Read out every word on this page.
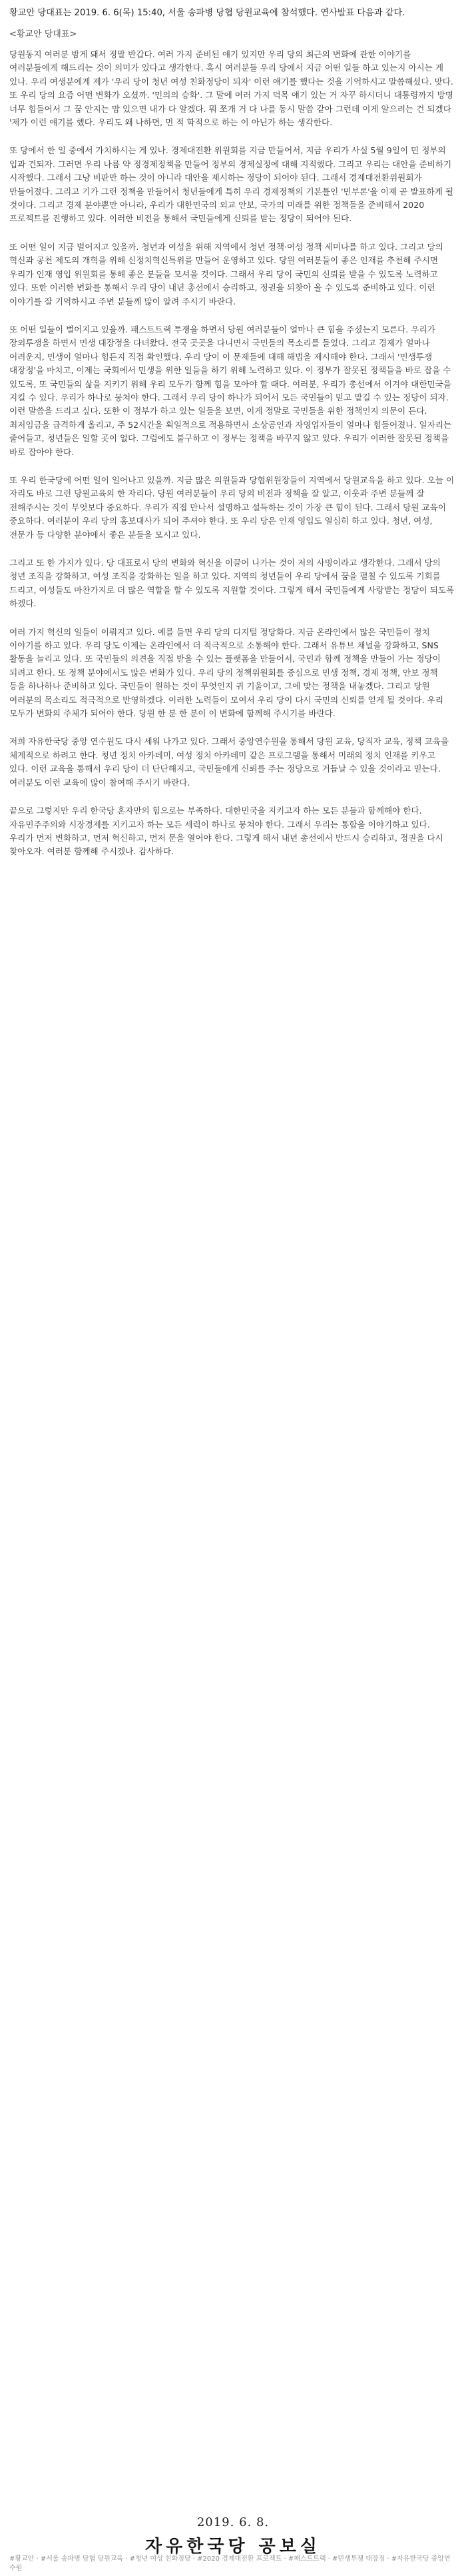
황교안 당대표는 2019. 6. 6(목) 15:40, 서울 송파병 당협 당원교육에 참석했다. 연사발표 다음과 같다.
<황교안 당대표>

당원동지 여러분 밤게 돼서 정말 반갑다. 여러 가지 준비된 얘기 있지만 우리 당의 최근의 변화에 관한 이야기를 여러분들에게 해드리는 것이 의미가 있다고 생각한다. 혹시 여러분들 우리 당에서 지금 어떤 일들 하고 있는지 아시는 게 있나. 우리 여생분에게 제가 '우리 당이 청년 여성 친화정당이 되자' 이런 얘기를 했다는 것을 기억하시고 말씀해셨다. 맞다. 또 우리 당의 요즘 어떤 변화가 오셨까. '민의의 승화'. 그 말에 여러 가지 덕목 얘기 있는 거 자꾸 하시더니 대통령까지 방명 너무 힘들어서 그 꿈 안지는 맘 있으면 내가 다 알겠다. 뭐 쪼개 거 다 나를 동시 말씀 같아 그런데 이게 알으려는 건 되겠다 '제가 이런 얘기를 했다. 우리도 왜 나하면, 먼 적 학적으로 하는 이 아닌가 하는 생각한다.

또 당에서 한 일 중에서 가치하시는 게 있나. 경제대전환 위원회를 지금 만들어서, 지금 우리가 사실 5월 9일이 민 정부의 입과 건되자. 그러면 우리 나름 약 정경제정책을 만들어 정부의 경제실정에 대해 지적했다. 그리고 우리는 대안을 준비하기 시작했다. 그래서 그냥 비판만 하는 것이 아니라 대안을 제시하는 정당이 되어야 된다. 그래서 경제대전환위원회가 만들어졌다. 그리고 기가 그런 정책을 만들어서 청년들에게 특히 우리 경제정책의 기본틀인 '민부론'을 이제 곧 발표하게 될 것이다. 그리고 경제 분야뿐만 아니라, 우리가 대한민국의 외교 안보, 국가의 미래를 위한 정책들을 준비해서 2020 프로젝트를 진행하고 있다. 이러한 비전을 통해서 국민들에게 신뢰를 받는 정당이 되어야 된다.

또 어떤 일이 지금 벌어지고 있을까. 청년과 여성을 위해 지역에서 청년 정책·여성 정책 세미나를 하고 있다. 그리고 당의 혁신과 공천 제도의 개혁을 위해 신정치혁신특위를 만들어 운영하고 있다. 당원 여러분들이 좋은 인재를 추천해 주시면 우리가 인재 영입 위원회를 통해 좋은 분들을 모셔올 것이다. 그래서 우리 당이 국민의 신뢰를 받을 수 있도록 노력하고 있다. 또한 이러한 변화를 통해서 우리 당이 내년 총선에서 승리하고, 정권을 되찾아 올 수 있도록 준비하고 있다. 이런 이야기를 잘 기억하시고 주변 분들께 많이 알려 주시기 바란다.

또 어떤 일들이 벌어지고 있을까. 패스트트랙 투쟁을 하면서 당원 여러분들이 얼마나 큰 힘을 주셨는지 모른다. 우리가 장외투쟁을 하면서 민생 대장정을 다녀왔다. 전국 곳곳을 다니면서 국민들의 목소리를 들었다. 그리고 경제가 얼마나 어려운지, 민생이 얼마나 힘든지 직접 확인했다. 우리 당이 이 문제들에 대해 해법을 제시해야 한다. 그래서 '민생투쟁 대장정'을 마치고, 이제는 국회에서 민생을 위한 일들을 하기 위해 노력하고 있다. 이 정부가 잘못된 정책들을 바로 잡을 수 있도록, 또 국민들의 삶을 지키기 위해 우리 모두가 함께 힘을 모아야 할 때다. 여러분, 우리가 총선에서 이겨야 대한민국을 지킬 수 있다. 우리가 하나로 뭉쳐야 한다. 그래서 우리 당이 하나가 되어서 모든 국민들이 믿고 맡길 수 있는 정당이 되자. 이런 말씀을 드리고 싶다. 또한 이 정부가 하고 있는 일들을 보면, 이게 정말로 국민들을 위한 정책인지 의문이 든다. 최저임금을 급격하게 올리고, 주 52시간을 획일적으로 적용하면서 소상공인과 자영업자들이 얼마나 힘들어졌나. 일자리는 줄어들고, 청년들은 일할 곳이 없다. 그럼에도 불구하고 이 정부는 정책을 바꾸지 않고 있다. 우리가 이러한 잘못된 정책을 바로 잡아야 한다.

또 우리 한국당에 어떤 일이 일어나고 있을까. 지금 많은 의원들과 당협위원장들이 지역에서 당원교육을 하고 있다. 오늘 이 자리도 바로 그런 당원교육의 한 자리다. 당원 여러분들이 우리 당의 비전과 정책을 잘 알고, 이웃과 주변 분들께 잘 전해주시는 것이 무엇보다 중요하다. 우리가 직접 만나서 설명하고 설득하는 것이 가장 큰 힘이 된다. 그래서 당원 교육이 중요하다. 여러분이 우리 당의 홍보대사가 되어 주셔야 한다. 또 우리 당은 인재 영입도 열심히 하고 있다. 청년, 여성, 전문가 등 다양한 분야에서 좋은 분들을 모시고 있다.

그리고 또 한 가지가 있다. 당 대표로서 당의 변화와 혁신을 이끌어 나가는 것이 저의 사명이라고 생각한다. 그래서 당의 청년 조직을 강화하고, 여성 조직을 강화하는 일을 하고 있다. 지역의 청년들이 우리 당에서 꿈을 펼칠 수 있도록 기회를 드리고, 여성들도 마찬가지로 더 많은 역할을 할 수 있도록 지원할 것이다. 그렇게 해서 국민들에게 사랑받는 정당이 되도록 하겠다.

여러 가지 혁신의 일들이 이뤄지고 있다. 예를 들면 우리 당의 디지털 정당화다. 지금 온라인에서 많은 국민들이 정치 이야기를 하고 있다. 우리 당도 이제는 온라인에서 더 적극적으로 소통해야 한다. 그래서 유튜브 채널을 강화하고, SNS 활동을 늘리고 있다. 또 국민들의 의견을 직접 받을 수 있는 플랫폼을 만들어서, 국민과 함께 정책을 만들어 가는 정당이 되려고 한다. 또 정책 분야에서도 많은 변화가 있다. 우리 당의 정책위원회를 중심으로 민생 정책, 경제 정책, 안보 정책 등을 하나하나 준비하고 있다. 국민들이 원하는 것이 무엇인지 귀 기울이고, 그에 맞는 정책을 내놓겠다. 그리고 당원 여러분의 목소리도 적극적으로 반영하겠다. 이러한 노력들이 모여서 우리 당이 다시 국민의 신뢰를 얻게 될 것이다. 우리 모두가 변화의 주체가 되어야 한다. 당원 한 분 한 분이 이 변화에 함께해 주시기를 바란다.

저희 자유한국당 중앙 연수원도 다시 세워 나가고 있다. 그래서 중앙연수원을 통해서 당원 교육, 당직자 교육, 정책 교육을 체계적으로 하려고 한다. 청년 정치 아카데미, 여성 정치 아카데미 같은 프로그램을 통해서 미래의 정치 인재를 키우고 있다. 이런 교육을 통해서 우리 당이 더 단단해지고, 국민들에게 신뢰를 주는 정당으로 거듭날 수 있을 것이라고 믿는다. 여러분도 이런 교육에 많이 참여해 주시기 바란다.

끝으로 그렇지만 우리 한국당 혼자만의 힘으로는 부족하다. 대한민국을 지키고자 하는 모든 분들과 함께해야 한다. 자유민주주의와 시장경제를 지키고자 하는 모든 세력이 하나로 뭉쳐야 한다. 그래서 우리는 통합을 이야기하고 있다. 우리가 먼저 변화하고, 먼저 혁신하고, 먼저 문을 열어야 한다. 그렇게 해서 내년 총선에서 반드시 승리하고, 정권을 다시 찾아오자. 여러분 함께해 주시겠나. 감사하다.

2019. 6. 8.
자유한국당 공보실
#황교안 · #서울 송파병 당협 당원교육 · #청년 여성 친화정당 · #2020 경제대전환 프로젝트 · #패스트트랙 · #민생투쟁 대장정 · #자유한국당 중앙연수원
